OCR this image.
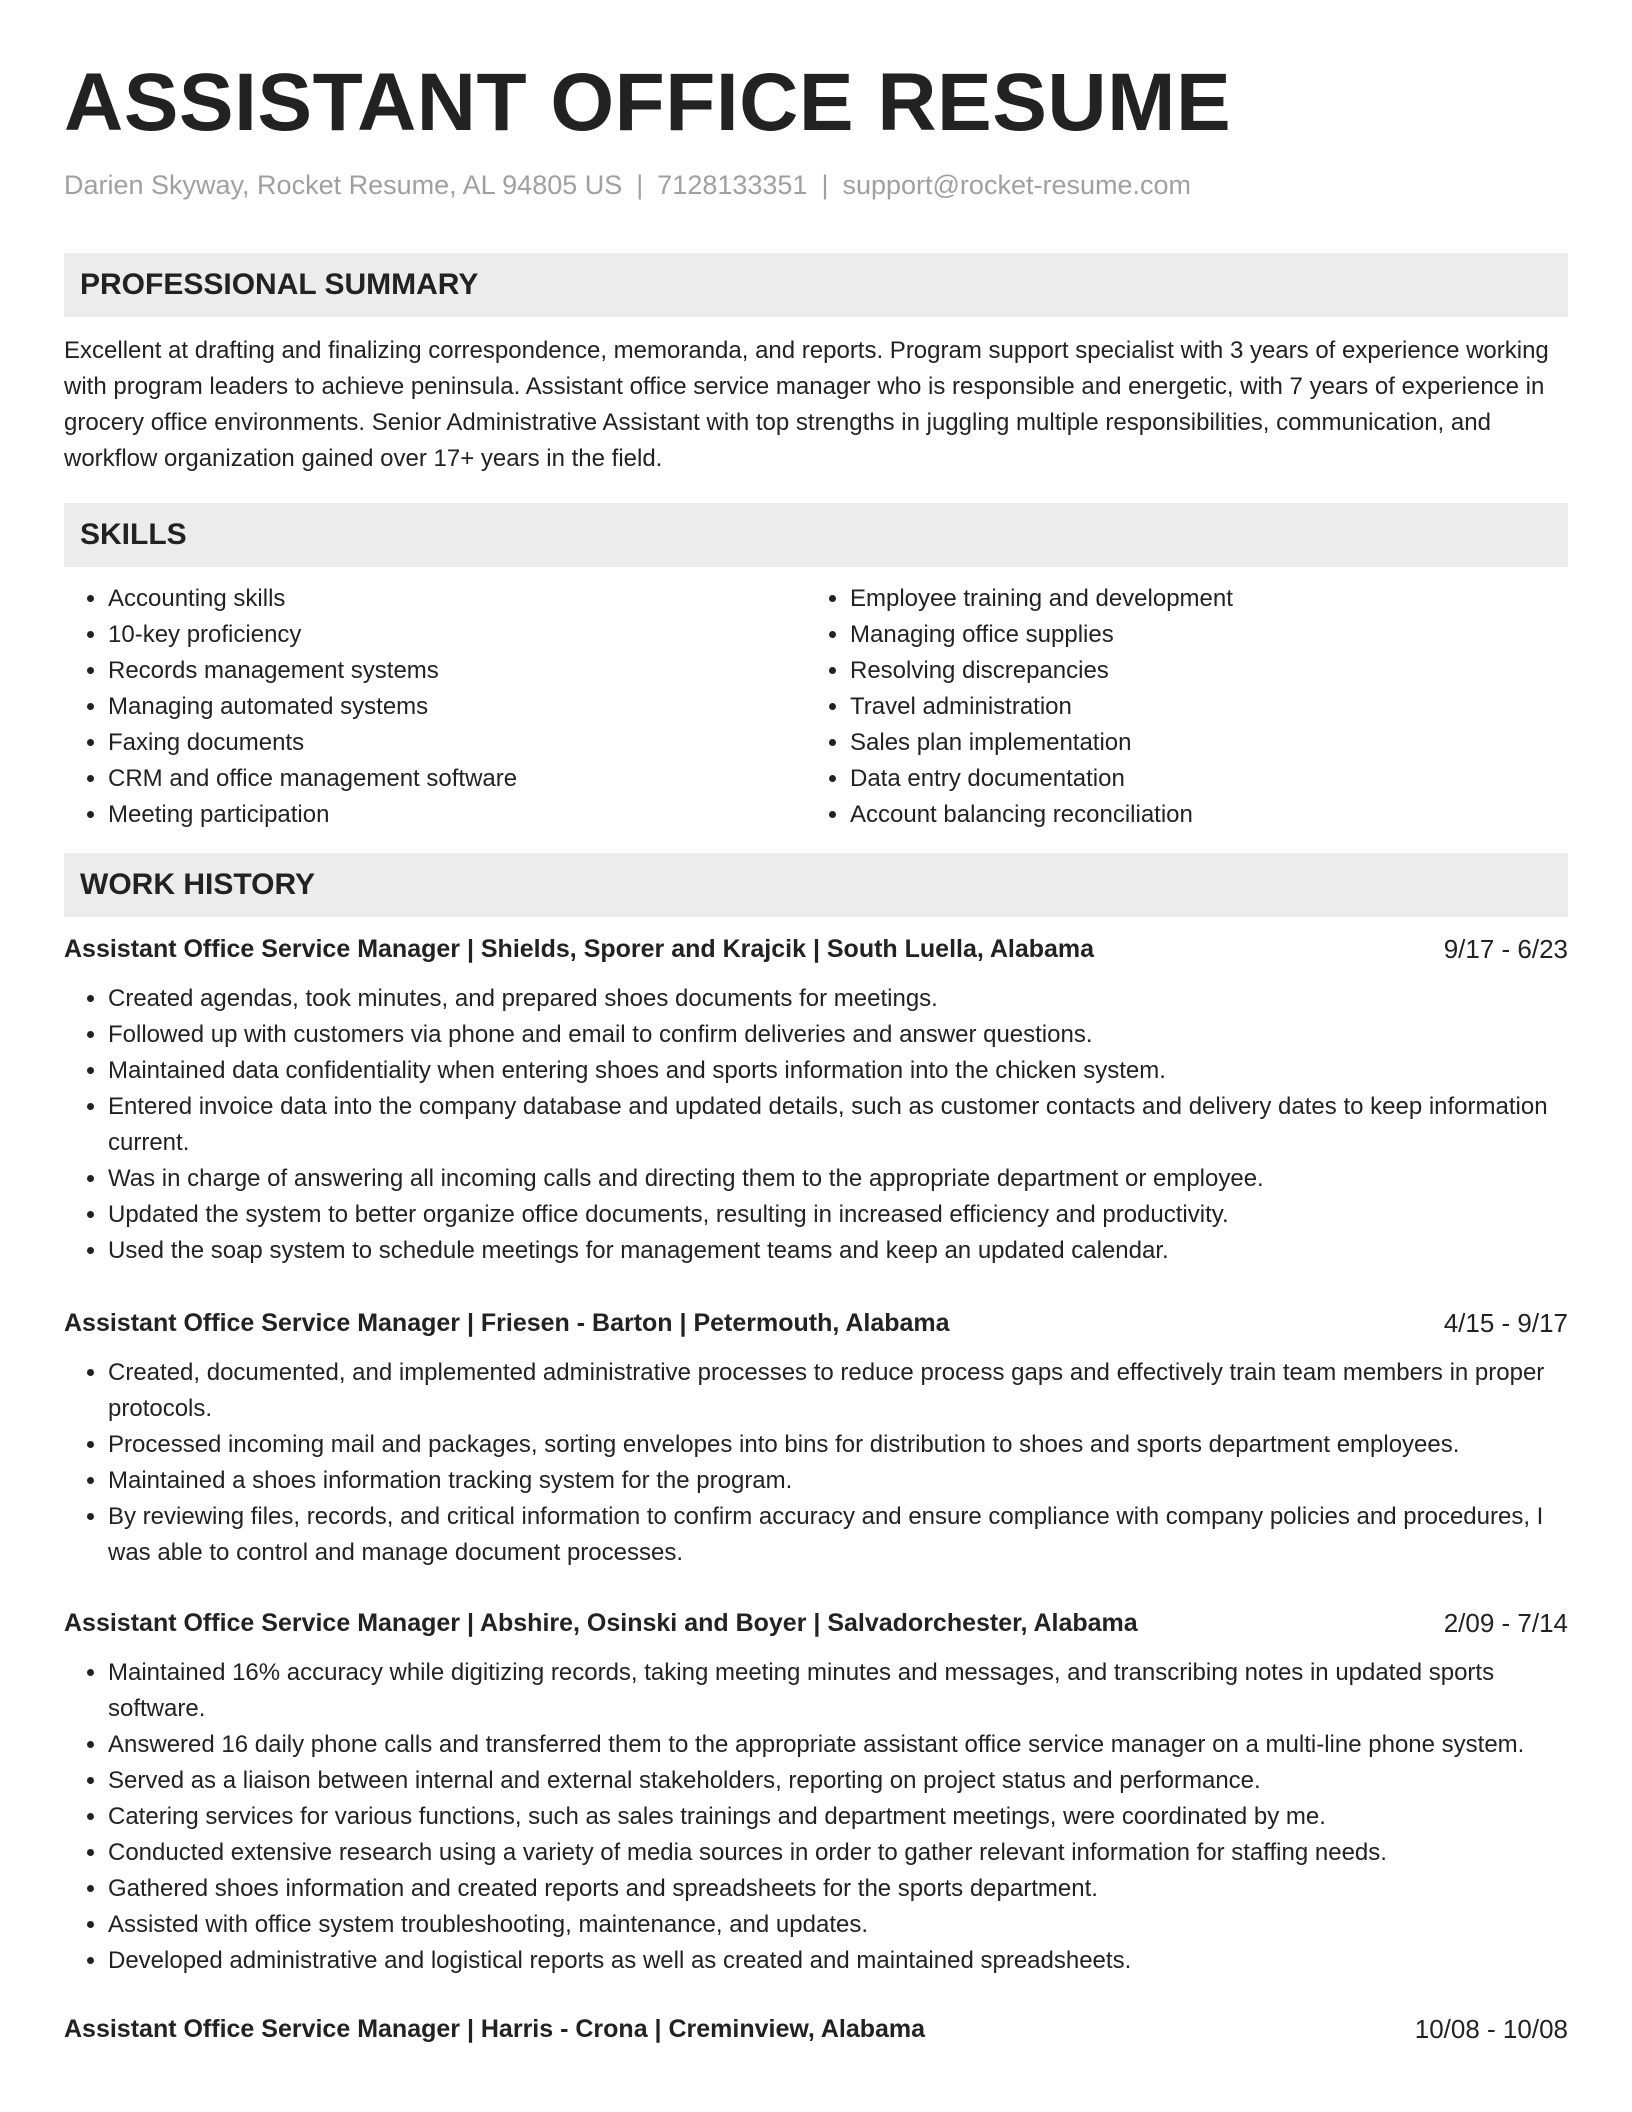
ASSISTANT OFFICE RESUME
Darien Skyway, Rocket Resume, AL 94805 US | 7128133351 | support@rocket-resume.com
PROFESSIONAL SUMMARY

Excellent at drafting and finalizing correspondence, memoranda, and reports. Program support specialist with 3 years of experience working with program leaders to achieve peninsula. Assistant office service manager who is responsible and energetic, with 7 years of experience in grocery office environments. Senior Administrative Assistant with top strengths in juggling multiple responsibilities, communication, and workflow organization gained over 17+ years in the field.

SKILLS
• Accounting skills
• 10-key proficiency
• Records management systems
• Managing automated systems
• Faxing documents
• CRM and office management software
• Meeting participation
• Employee training and development
• Managing office supplies
• Resolving discrepancies
• Travel administration
• Sales plan implementation
• Data entry documentation
• Account balancing reconciliation
WORK HISTORY
Assistant Office Service Manager | Shields, Sporer and Krajcik | South Luella, Alabama	9/17 - 6/23
• Created agendas, took minutes, and prepared shoes documents for meetings.
• Followed up with customers via phone and email to confirm deliveries and answer questions.
• Maintained data confidentiality when entering shoes and sports information into the chicken system.
• Entered invoice data into the company database and updated details, such as customer contacts and delivery dates to keep information current.
• Was in charge of answering all incoming calls and directing them to the appropriate department or employee.
• Updated the system to better organize office documents, resulting in increased efficiency and productivity.
• Used the soap system to schedule meetings for management teams and keep an updated calendar.
Assistant Office Service Manager | Friesen - Barton | Petermouth, Alabama	4/15 - 9/17
• Created, documented, and implemented administrative processes to reduce process gaps and effectively train team members in proper protocols.
• Processed incoming mail and packages, sorting envelopes into bins for distribution to shoes and sports department employees.
• Maintained a shoes information tracking system for the program.
• By reviewing files, records, and critical information to confirm accuracy and ensure compliance with company policies and procedures, I was able to control and manage document processes.
Assistant Office Service Manager | Abshire, Osinski and Boyer | Salvadorchester, Alabama	2/09 - 7/14
• Maintained 16% accuracy while digitizing records, taking meeting minutes and messages, and transcribing notes in updated sports software.
• Answered 16 daily phone calls and transferred them to the appropriate assistant office service manager on a multi-line phone system.
• Served as a liaison between internal and external stakeholders, reporting on project status and performance.
• Catering services for various functions, such as sales trainings and department meetings, were coordinated by me.
• Conducted extensive research using a variety of media sources in order to gather relevant information for staffing needs.
• Gathered shoes information and created reports and spreadsheets for the sports department.
• Assisted with office system troubleshooting, maintenance, and updates.
• Developed administrative and logistical reports as well as created and maintained spreadsheets.
Assistant Office Service Manager | Harris - Crona | Creminview, Alabama	10/08 - 10/08
